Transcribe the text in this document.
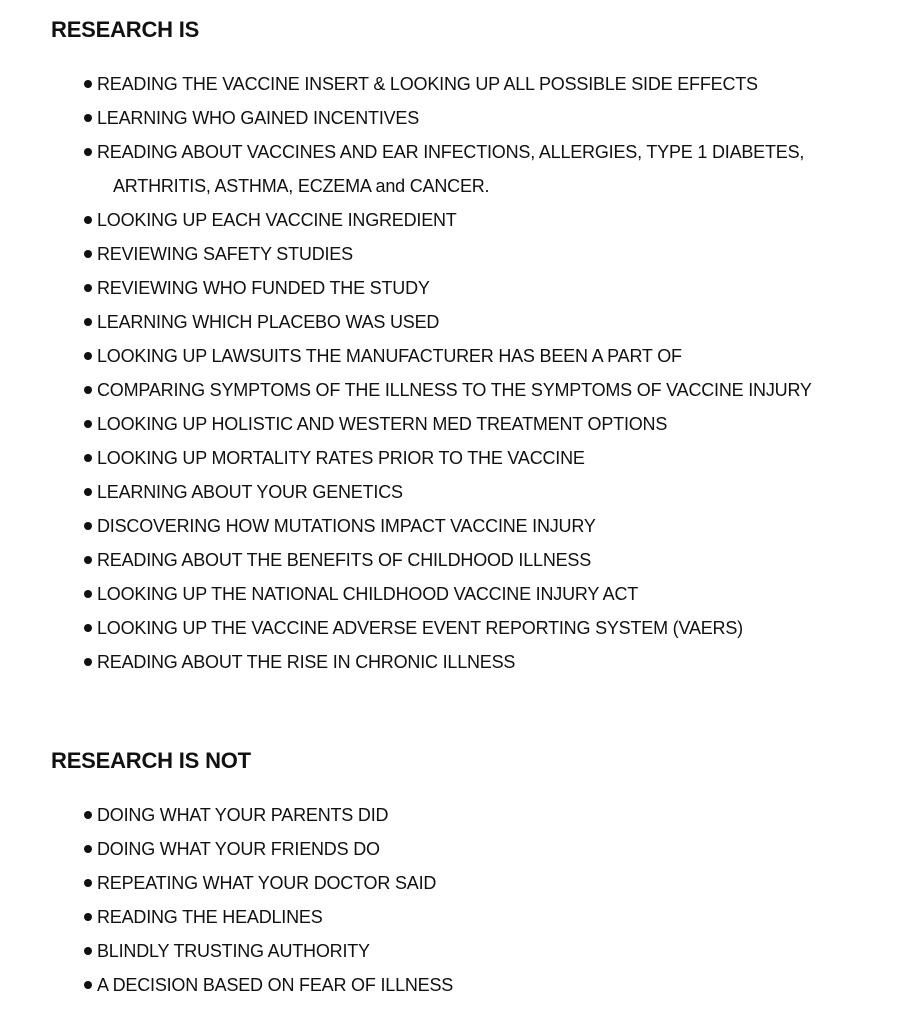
RESEARCH IS
READING THE VACCINE INSERT & LOOKING UP ALL POSSIBLE SIDE EFFECTS
LEARNING WHO GAINED INCENTIVES
READING ABOUT VACCINES AND EAR INFECTIONS, ALLERGIES, TYPE 1 DIABETES,
ARTHRITIS, ASTHMA, ECZEMA and CANCER.
LOOKING UP EACH VACCINE INGREDIENT
REVIEWING SAFETY STUDIES
REVIEWING WHO FUNDED THE STUDY
LEARNING WHICH PLACEBO WAS USED
LOOKING UP LAWSUITS THE MANUFACTURER HAS BEEN A PART OF
COMPARING SYMPTOMS OF THE ILLNESS TO THE SYMPTOMS OF VACCINE INJURY
LOOKING UP HOLISTIC AND WESTERN MED TREATMENT OPTIONS
LOOKING UP MORTALITY RATES PRIOR TO THE VACCINE
LEARNING ABOUT YOUR GENETICS
DISCOVERING HOW MUTATIONS IMPACT VACCINE INJURY
READING ABOUT THE BENEFITS OF CHILDHOOD ILLNESS
LOOKING UP THE NATIONAL CHILDHOOD VACCINE INJURY ACT
LOOKING UP THE VACCINE ADVERSE EVENT REPORTING SYSTEM (VAERS)
READING ABOUT THE RISE IN CHRONIC ILLNESS
RESEARCH IS NOT
DOING WHAT YOUR PARENTS DID
DOING WHAT YOUR FRIENDS DO
REPEATING WHAT YOUR DOCTOR SAID
READING THE HEADLINES
BLINDLY TRUSTING AUTHORITY
A DECISION BASED ON FEAR OF ILLNESS
